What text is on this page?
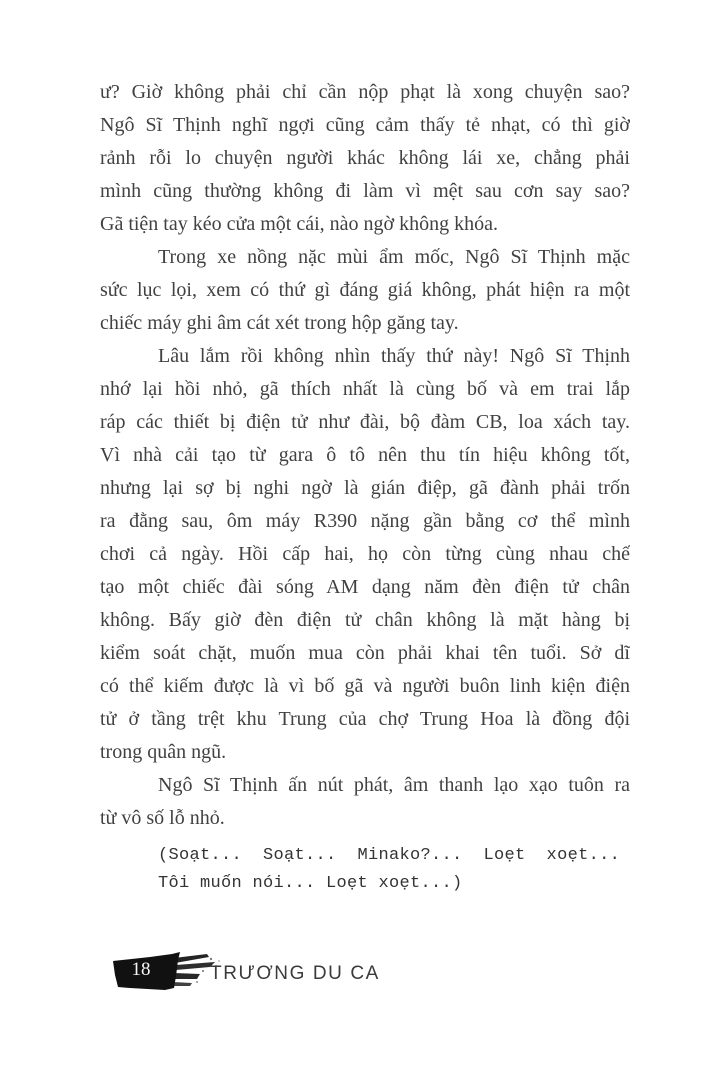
ư? Giờ không phải chỉ cần nộp phạt là xong chuyện sao?
Ngô Sĩ Thịnh nghĩ ngợi cũng cảm thấy tẻ nhạt, có thì giờ
rảnh rỗi lo chuyện người khác không lái xe, chẳng phải
mình cũng thường không đi làm vì mệt sau cơn say sao?
Gã tiện tay kéo cửa một cái, nào ngờ không khóa.
Trong xe nồng nặc mùi ẩm mốc, Ngô Sĩ Thịnh mặc
sức lục lọi, xem có thứ gì đáng giá không, phát hiện ra một
chiếc máy ghi âm cát xét trong hộp găng tay.
Lâu lắm rồi không nhìn thấy thứ này! Ngô Sĩ Thịnh
nhớ lại hồi nhỏ, gã thích nhất là cùng bố và em trai lắp
ráp các thiết bị điện tử như đài, bộ đàm CB, loa xách tay.
Vì nhà cải tạo từ gara ô tô nên thu tín hiệu không tốt,
nhưng lại sợ bị nghi ngờ là gián điệp, gã đành phải trốn
ra đằng sau, ôm máy R390 nặng gần bằng cơ thể mình
chơi cả ngày. Hồi cấp hai, họ còn từng cùng nhau chế
tạo một chiếc đài sóng AM dạng năm đèn điện tử chân
không. Bấy giờ đèn điện tử chân không là mặt hàng bị
kiểm soát chặt, muốn mua còn phải khai tên tuổi. Sở dĩ
có thể kiếm được là vì bố gã và người buôn linh kiện điện
tử ở tầng trệt khu Trung của chợ Trung Hoa là đồng đội
trong quân ngũ.
Ngô Sĩ Thịnh ấn nút phát, âm thanh lạo xạo tuôn ra
từ vô số lỗ nhỏ.
(Soạt...  Soạt...  Minako?...  Loẹt  xoẹt...
Tôi muốn nói... Loẹt xoẹt...)
18	TRƯƠNG DU CA
